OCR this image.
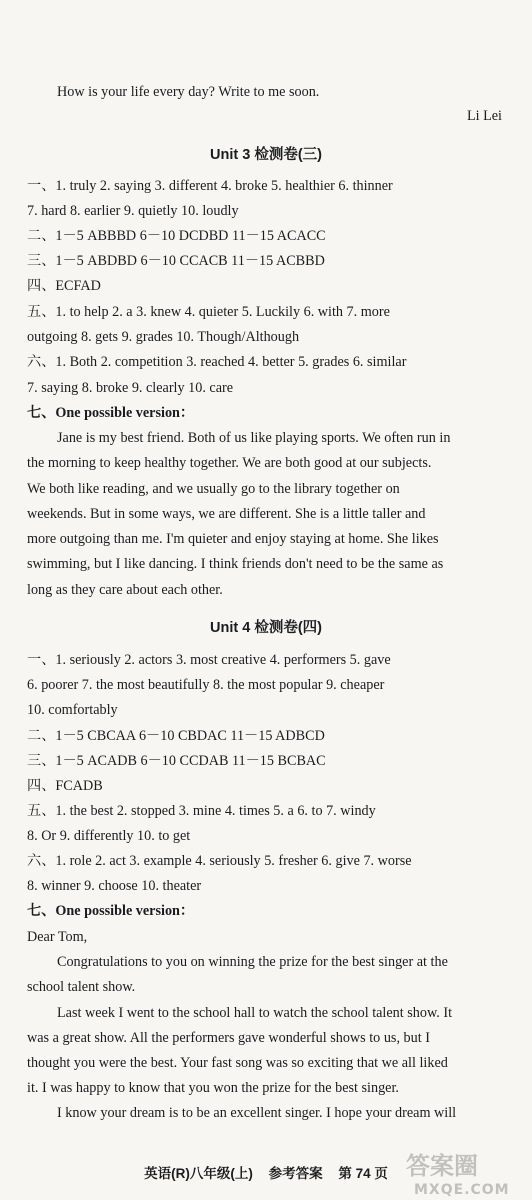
How is your life every day? Write to me soon.
Li Lei
Unit 3 检测卷(三)
一、1. truly 2. saying 3. different 4. broke 5. healthier 6. thinner
7. hard 8. earlier 9. quietly 10. loudly
二、1－5 ABBBD 6－10 DCDBD 11－15 ACACC
三、1－5 ABDBD 6－10 CCACB 11－15 ACBBD
四、ECFAD
五、1. to help 2. a 3. knew 4. quieter 5. Luckily 6. with 7. more
outgoing 8. gets 9. grades 10. Though/Although
六、1. Both 2. competition 3. reached 4. better 5. grades 6. similar
7. saying 8. broke 9. clearly 10. care
七、One possible version：
Jane is my best friend. Both of us like playing sports. We often run in
the morning to keep healthy together. We are both good at our subjects.
We both like reading, and we usually go to the library together on
weekends. But in some ways, we are different. She is a little taller and
more outgoing than me. I'm quieter and enjoy staying at home. She likes
swimming, but I like dancing. I think friends don't need to be the same as
long as they care about each other.
Unit 4 检测卷(四)
一、1. seriously 2. actors 3. most creative 4. performers 5. gave
6. poorer 7. the most beautifully 8. the most popular 9. cheaper
10. comfortably
二、1－5 CBCAA 6－10 CBDAC 11－15 ADBCD
三、1－5 ACADB 6－10 CCDAB 11－15 BCBAC
四、FCADB
五、1. the best 2. stopped 3. mine 4. times 5. a 6. to 7. windy
8. Or 9. differently 10. to get
六、1. role 2. act 3. example 4. seriously 5. fresher 6. give 7. worse
8. winner 9. choose 10. theater
七、One possible version：
Dear Tom,
Congratulations to you on winning the prize for the best singer at the
school talent show.
Last week I went to the school hall to watch the school talent show. It
was a great show. All the performers gave wonderful shows to us, but I
thought you were the best. Your fast song was so exciting that we all liked
it. I was happy to know that you won the prize for the best singer.
I know your dream is to be an excellent singer. I hope your dream will
英语(R)八年级(上) 参考答案 第 74 页 答案圈
MXQE.COM
